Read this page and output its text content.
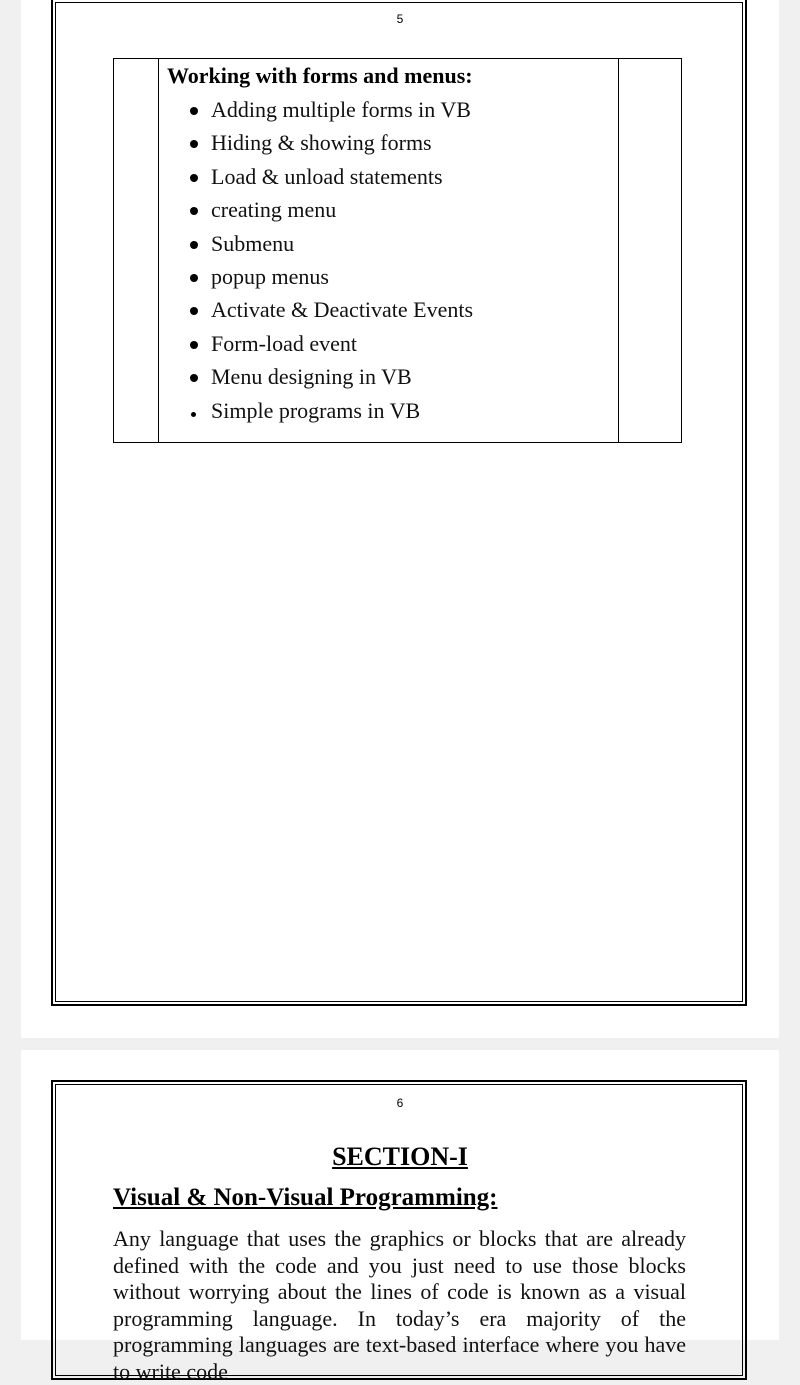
5

Working with forms and menus:
Adding multiple forms in VB
Hiding & showing forms
Load & unload statements
creating menu
Submenu
popup menus
Activate & Deactivate Events
Form-load event
Menu designing in VB
Simple programs in VB

6
SECTION-I
Visual & Non-Visual Programming:

Any language that uses the graphics or blocks that are already defined with the code and you just need to use those blocks without worrying about the lines of code is known as a visual programming language. In today’s era majority of the programming languages are text-based interface where you have to write code
